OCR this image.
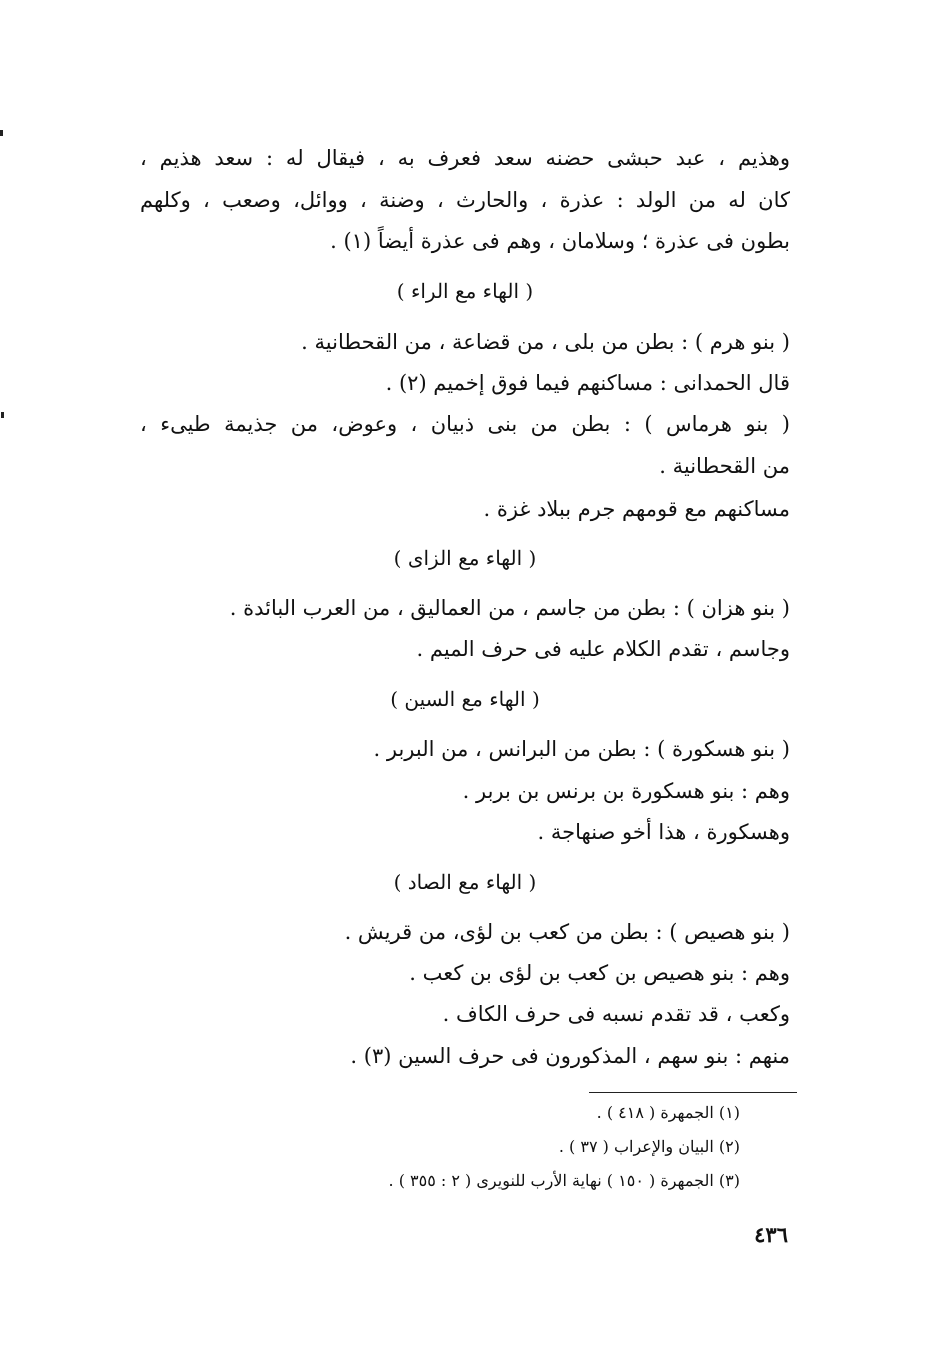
وهذيم ، عبد حبشى حضنه سعد فعرف به ، فيقال له : سعد هذيم ،
كان له من الولد : عذرة ، والحارث ، وضنة ، ووائل، وصعب ، وكلهم
بطون فى عذرة ؛ وسلامان ، وهم فى عذرة أيضاً (١) .
( الهاء مع الراء )
( بنو هرم ) : بطن من بلى ، من قضاعة ، من القحطانية .
قال الحمدانى : مساكنهم فيما فوق إخميم (٢) .
( بنو هرماس ) : بطن من بنى ذبيان ، وعوض، من جذيمة طيىء ،
من القحطانية .
مساكنهم مع قومهم جرم ببلاد غزة .
( الهاء مع الزاى )
( بنو هزان ) : بطن من جاسم ، من العماليق ، من العرب البائدة .
وجاسم ، تقدم الكلام عليه فى حرف الميم .
( الهاء مع السين )
( بنو هسكورة ) : بطن من البرانس ، من البربر .
وهم : بنو هسكورة بن برنس بن بربر .
وهسكورة ، هذا أخو صنهاجة .
( الهاء مع الصاد )
( بنو هصيص ) : بطن من كعب بن لؤى، من قريش .
وهم : بنو هصيص بن كعب بن لؤى بن كعب .
وكعب ، قد تقدم نسبه فى حرف الكاف .
منهم : بنو سهم ، المذكورون فى حرف السين (٣) .
(١) الجمهرة ( ٤١٨ ) .
(٢) البيان والإعراب ( ٣٧ ) .
(٣) الجمهرة ( ١٥٠ ) نهاية الأرب للنويرى ( ٢ : ٣٥٥ ) .
٤٣٦
